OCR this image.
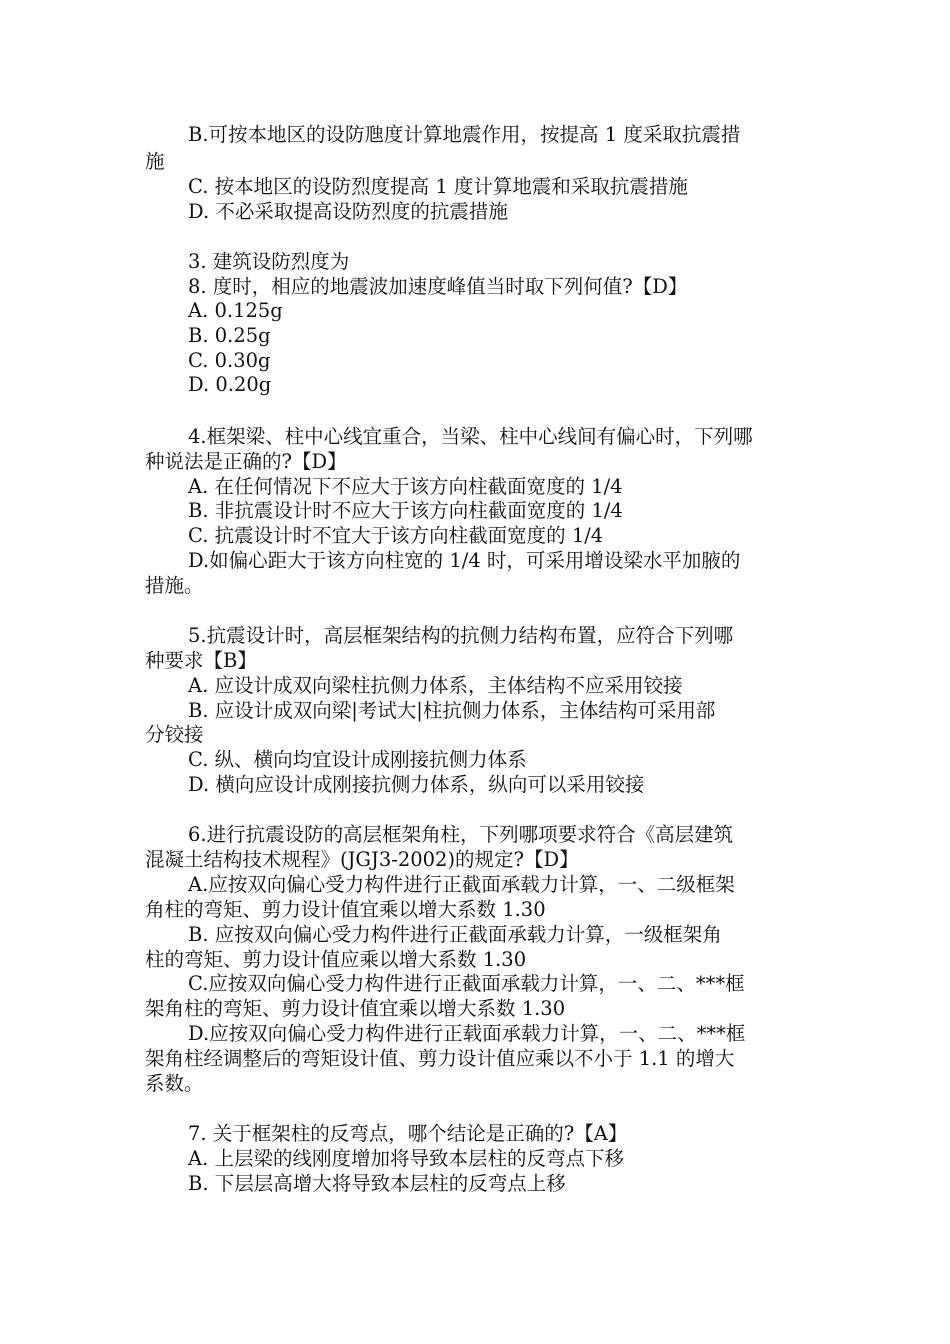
B.可按本地区的设防虺度计算地震作用，按提高 1 度采取抗震措
施
C. 按本地区的设防烈度提高 1 度计算地震和采取抗震措施
D. 不必采取提高设防烈度的抗震措施
3. 建筑设防烈度为
8. 度时，相应的地震波加速度峰值当时取下列何值?【D】
A. 0.125g
B. 0.25g
C. 0.30g
D. 0.20g
4.框架梁、柱中心线宜重合，当梁、柱中心线间有偏心时，下列哪
种说法是正确的?【D】
A. 在任何情况下不应大于该方向柱截面宽度的 1/4
B. 非抗震设计时不应大于该方向柱截面宽度的 1/4
C. 抗震设计时不宜大于该方向柱截面宽度的 1/4
D.如偏心距大于该方向柱宽的 1/4 时，可采用增设梁水平加腋的
措施。
5.抗震设计时，高层框架结构的抗侧力结构布置，应符合下列哪
种要求【B】
A. 应设计成双向梁柱抗侧力体系，主体结构不应采用铰接
B. 应设计成双向梁|考试大|柱抗侧力体系，主体结构可采用部
分铰接
C. 纵、横向均宜设计成刚接抗侧力体系
D. 横向应设计成刚接抗侧力体系，纵向可以采用铰接
6.进行抗震设防的高层框架角柱，下列哪项要求符合《高层建筑
混凝土结构技术规程》(JGJ3-2002)的规定?【D】
A.应按双向偏心受力构件进行正截面承载力计算，一、二级框架
角柱的弯矩、剪力设计值宜乘以增大系数 1.30
B. 应按双向偏心受力构件进行正截面承载力计算，一级框架角
柱的弯矩、剪力设计值应乘以增大系数 1.30
C.应按双向偏心受力构件进行正截面承载力计算，一、二、***框
架角柱的弯矩、剪力设计值宜乘以增大系数 1.30
D.应按双向偏心受力构件进行正载面承载力计算，一、二、***框
架角柱经调整后的弯矩设计值、剪力设计值应乘以不小于 1.1 的增大
系数。
7. 关于框架柱的反弯点，哪个结论是正确的?【A】
A. 上层梁的线刚度增加将导致本层柱的反弯点下移
B. 下层层高增大将导致本层柱的反弯点上移
